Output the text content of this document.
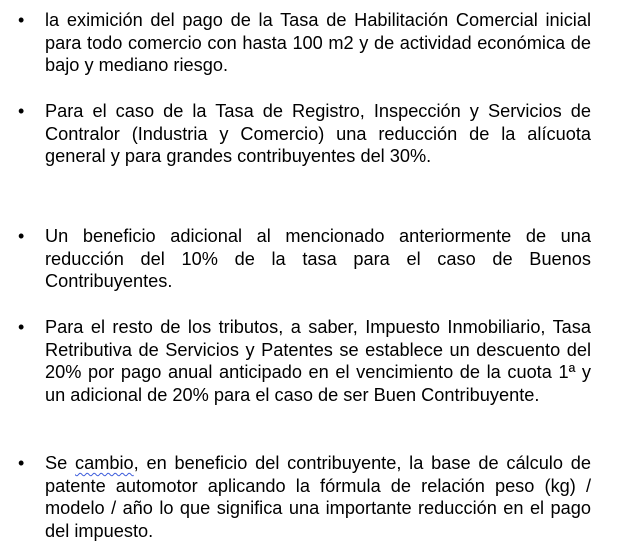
• la eximición del pago de la Tasa de Habilitación Comercial inicial para todo comercio con hasta 100 m2 y de actividad económica de bajo y mediano riesgo.
• Para el caso de la Tasa de Registro, Inspección y Servicios de Contralor (Industria y Comercio) una reducción de la alícuota general y para grandes contribuyentes del 30%.
• Un beneficio adicional al mencionado anteriormente de una reducción del 10% de la tasa para el caso de Buenos Contribuyentes.
• Para el resto de los tributos, a saber, Impuesto Inmobiliario, Tasa Retributiva de Servicios y Patentes se establece un descuento del 20% por pago anual anticipado en el vencimiento de la cuota 1ª y un adicional de 20% para el caso de ser Buen Contribuyente.
• Se cambio, en beneficio del contribuyente, la base de cálculo de patente automotor aplicando la fórmula de relación peso (kg) / modelo / año lo que significa una importante reducción en el pago del impuesto.
